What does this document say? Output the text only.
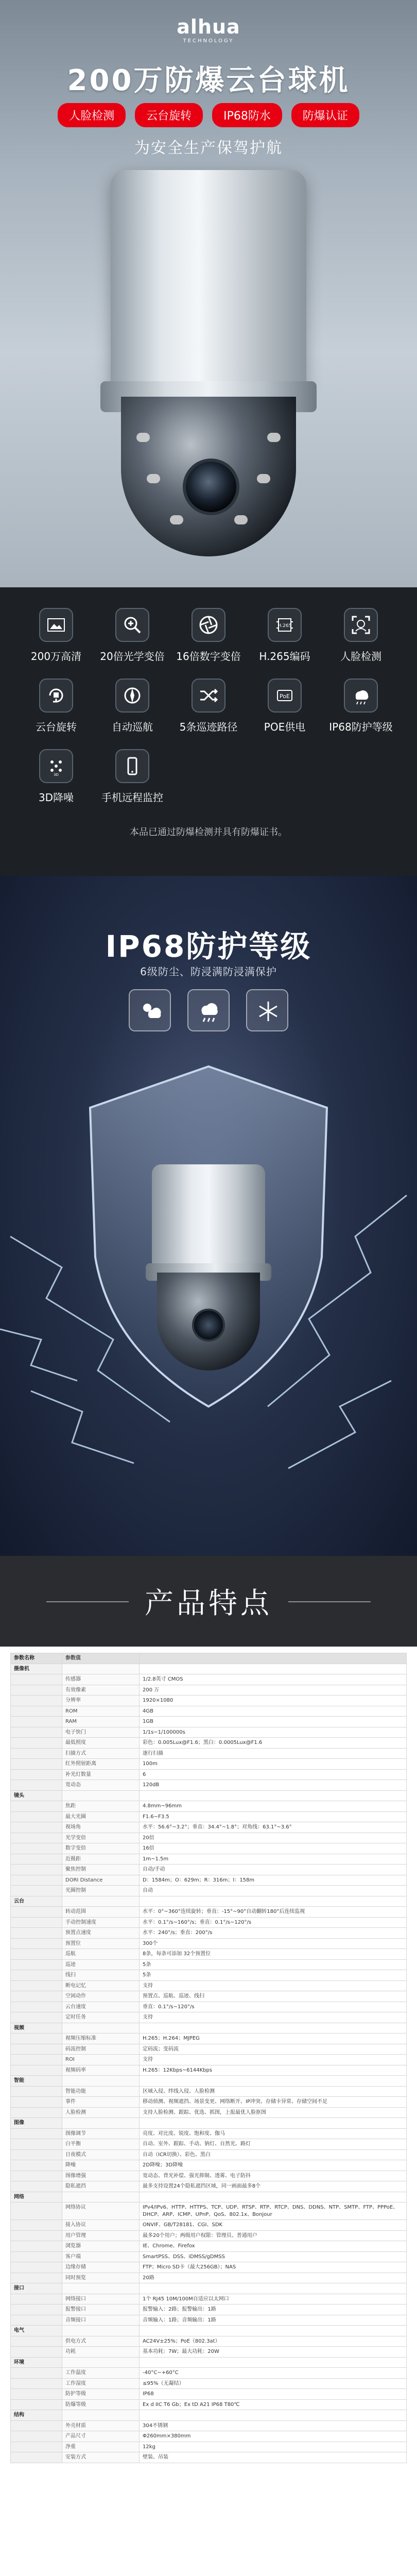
alhua
TECHNOLOGY
200万防爆云台球机
人脸检测	云台旋转	IP68防水	防爆认证
为安全生产保驾护航
200万高清	20倍光学变倍	16倍数字变倍
H.265
H.265编码	人脸检测
云台旋转	自动巡航	5条巡迹路径
PoE
POE供电	IP68防护等级
3D
3D降噪	手机远程监控
本品已通过防爆检测并具有防爆证书。
IP68防护等级
6级防尘、防浸满防浸满保护
产品特点
参数名称	参数值	
摄像机		
	传感器	1/2.8英寸 CMOS
	有效像素	200 万
	分辨率	1920×1080
	ROM	4GB
	RAM	1GB
	电子快门	1/1s~1/100000s
	最低照度	彩色：0.005Lux@F1.6；黑白：0.0005Lux@F1.6
	扫描方式	逐行扫描
	红外照射距离	100m
	补光灯数量	6
	宽动态	120dB
镜头		
	焦距	4.8mm~96mm
	最大光圈	F1.6~F3.5
	视场角	水平：56.6°~3.2°；垂直：34.4°~1.8°；对角线：63.1°~3.6°
	光学变倍	20倍
	数字变倍	16倍
	近摄距	1m~1.5m
	聚焦控制	自动/手动
	DORI Distance	D：1584m；O：629m；R：316m；I：158m
	光圈控制	自动
云台		
	转动范围	水平：0°~360°连续旋转；垂直：-15°~90°自动翻转180°后连续监视
	手动控制速度	水平：0.1°/s~160°/s；垂直：0.1°/s~120°/s
	预置点速度	水平：240°/s；垂直：200°/s
	预置位	300个
	巡航	8条，每条可添加 32个预置位
	巡迹	5条
	线扫	5条
	断电记忆	支持
	空闲动作	预置点、巡航、巡迹、线扫
	云台速度	垂直：0.1°/s~120°/s
	定时任务	支持
视频		
	视频压缩标准	H.265；H.264；MJPEG
	码流控制	定码流；变码流
	ROI	支持
	视频码率	H.265：12Kbps~6144Kbps
智能		
	智能功能	区域入侵、绊线入侵、人脸检测
	事件	移动侦测、视频遮挡、场景变更、网络断开、IP冲突、存储卡异常、存储空间不足
	人脸检测	支持人脸检测、跟踪、优选、抓图，上报最优人脸抠图
图像		
	图像调节	亮度、对比度、锐度、饱和度、伽马
	白平衡	自动、室外、跟踪、手动、钠灯、自然光、路灯
	日夜模式	自动（ICR切换）、彩色、黑白
	降噪	2D降噪；3D降噪
	图像增强	宽动态、背光补偿、强光抑制、透雾、电子防抖
	隐私遮挡	最多支持设置24个隐私遮挡区域，同一画面最多8个
网络		
	网络协议	IPv4/IPv6、HTTP、HTTPS、TCP、UDP、RTSP、RTP、RTCP、DNS、DDNS、NTP、SMTP、FTP、PPPoE、DHCP、ARP、ICMP、UPnP、QoS、802.1x、Bonjour
	接入协议	ONVIF、GB/T28181、CGI、SDK
	用户管理	最多20个用户；两级用户权限：管理员、普通用户
	浏览器	IE、Chrome、Firefox
	客户端	SmartPSS、DSS、iDMSS/gDMSS
	边缘存储	FTP；Micro SD卡（最大256GB）；NAS
	同时预览	20路
接口		
	网络接口	1个 RJ45 10M/100M自适应以太网口
	报警接口	报警输入：2路；报警输出：1路
	音频接口	音频输入：1路；音频输出：1路
电气		
	供电方式	AC24V±25%；PoE（802.3at）
	功耗	基本功耗：7W；最大功耗：20W
环境		
	工作温度	-40°C~+60°C
	工作湿度	≤95%（无凝结）
	防护等级	IP68
	防爆等级	Ex d IIC T6 Gb；Ex tD A21 IP68 T80℃
结构		
	外壳材质	304不锈钢
	产品尺寸	Φ260mm×380mm
	净重	12kg
	安装方式	壁装、吊装
